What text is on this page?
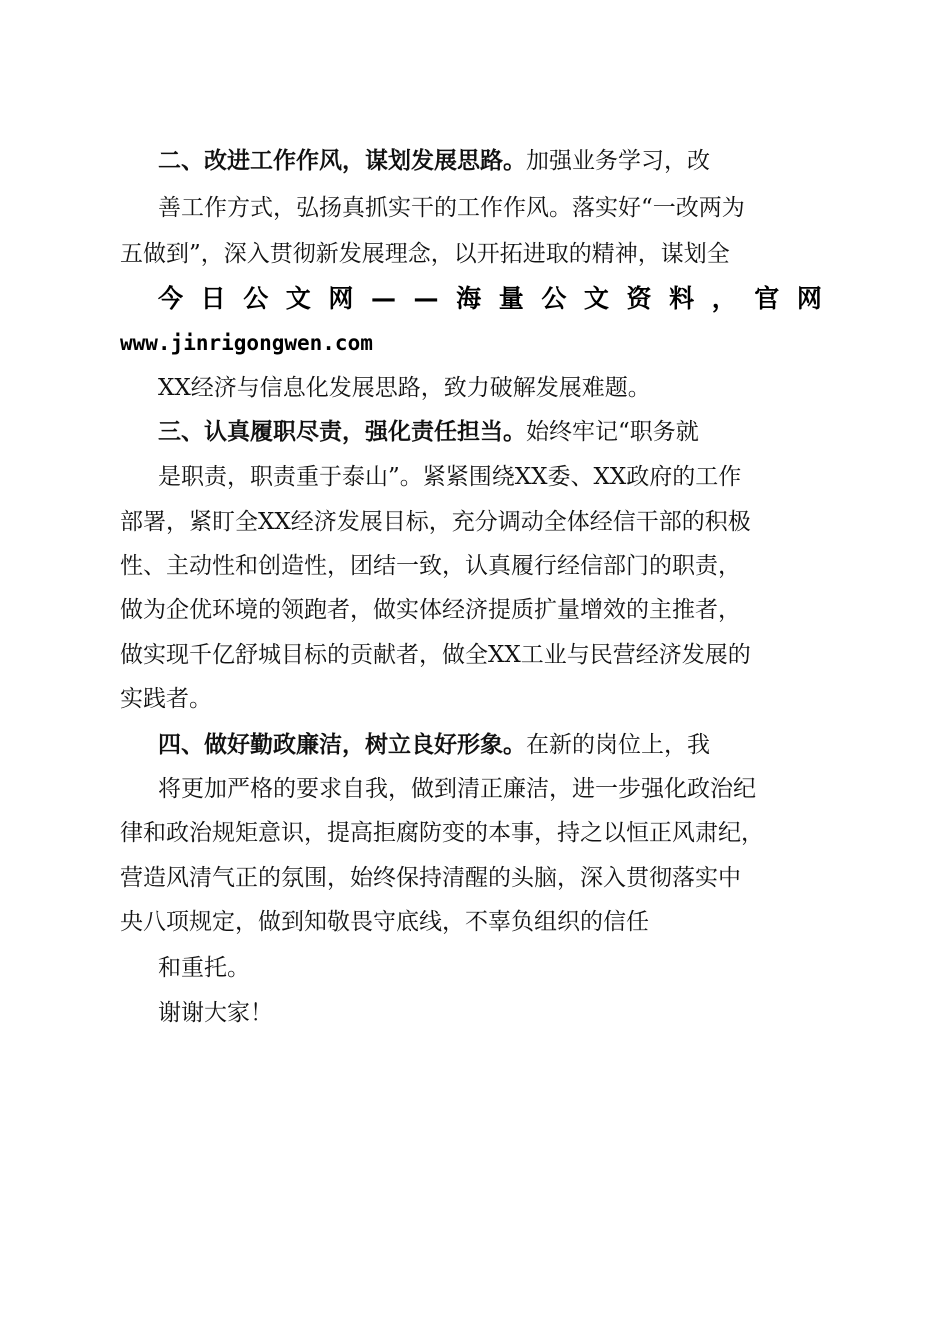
二、改进工作作风，谋划发展思路。加强业务学习，改
善工作方式，弘扬真抓实干的工作作风。落实好“一改两为
五做到”，深入贯彻新发展理念，以开拓进取的精神，谋划全
今 日 公 文 网 — — 海 量 公 文 资 料 ， 官 网
www.jinrigongwen.com
XX经济与信息化发展思路，致力破解发展难题。
三、认真履职尽责，强化责任担当。始终牢记“职务就
是职责，职责重于泰山”。紧紧围绕XX委、XX政府的工作
部署，紧盯全XX经济发展目标，充分调动全体经信干部的积极
性、主动性和创造性，团结一致，认真履行经信部门的职责，
做为企优环境的领跑者，做实体经济提质扩量增效的主推者，
做实现千亿舒城目标的贡献者，做全XX工业与民营经济发展的
实践者。
四、做好勤政廉洁，树立良好形象。在新的岗位上，我
将更加严格的要求自我，做到清正廉洁，进一步强化政治纪
律和政治规矩意识，提高拒腐防变的本事，持之以恒正风肃纪，
营造风清气正的氛围，始终保持清醒的头脑，深入贯彻落实中
央八项规定，做到知敬畏守底线，不辜负组织的信任
和重托。
谢谢大家！
